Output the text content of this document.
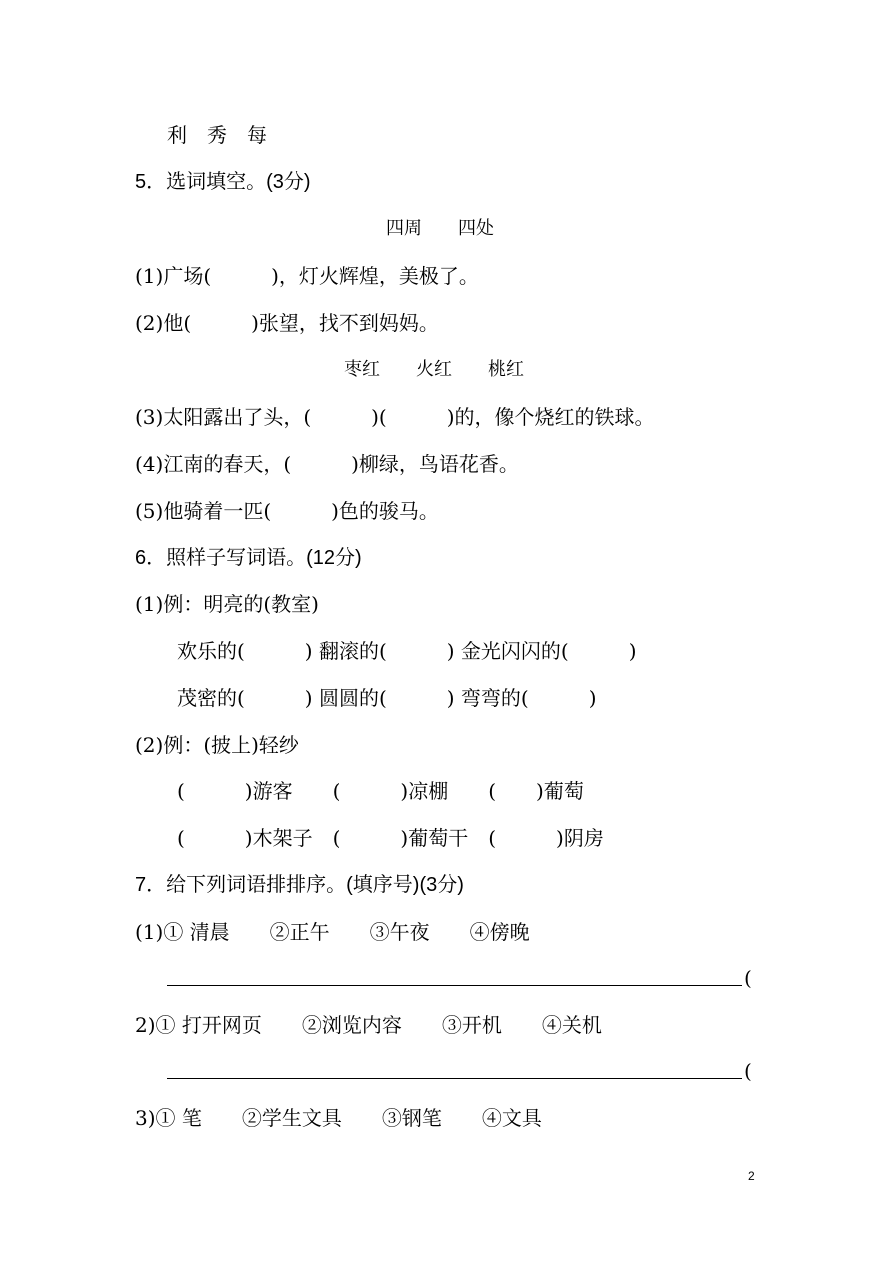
利　秀　每
5．选词填空。(3分)
四周　　四处
(1)广场(　　　)，灯火辉煌，美极了。
(2)他(　　　)张望，找不到妈妈。
枣红　　火红　　桃红
(3)太阳露出了头，(　　　)(　　　)的，像个烧红的铁球。
(4)江南的春天，(　　　)柳绿，鸟语花香。
(5)他骑着一匹(　　　)色的骏马。
6．照样子写词语。(12分)
(1)例：明亮的(教室)
欢乐的(　　　) 翻滚的(　　　) 金光闪闪的(　　　)
茂密的(　　　) 圆圆的(　　　) 弯弯的(　　　)
(2)例：(披上)轻纱
(　　　)游客　　(　　　)凉棚　　(　　)葡萄
(　　　)木架子　(　　　)葡萄干　(　　　)阴房
7．给下列词语排排序。(填序号)(3分)
(1)① 清晨　　②正午　　③午夜　　④傍晚
(
2)① 打开网页　　②浏览内容　　③开机　　④关机
(
3)① 笔　　②学生文具　　③钢笔　　④文具
2
